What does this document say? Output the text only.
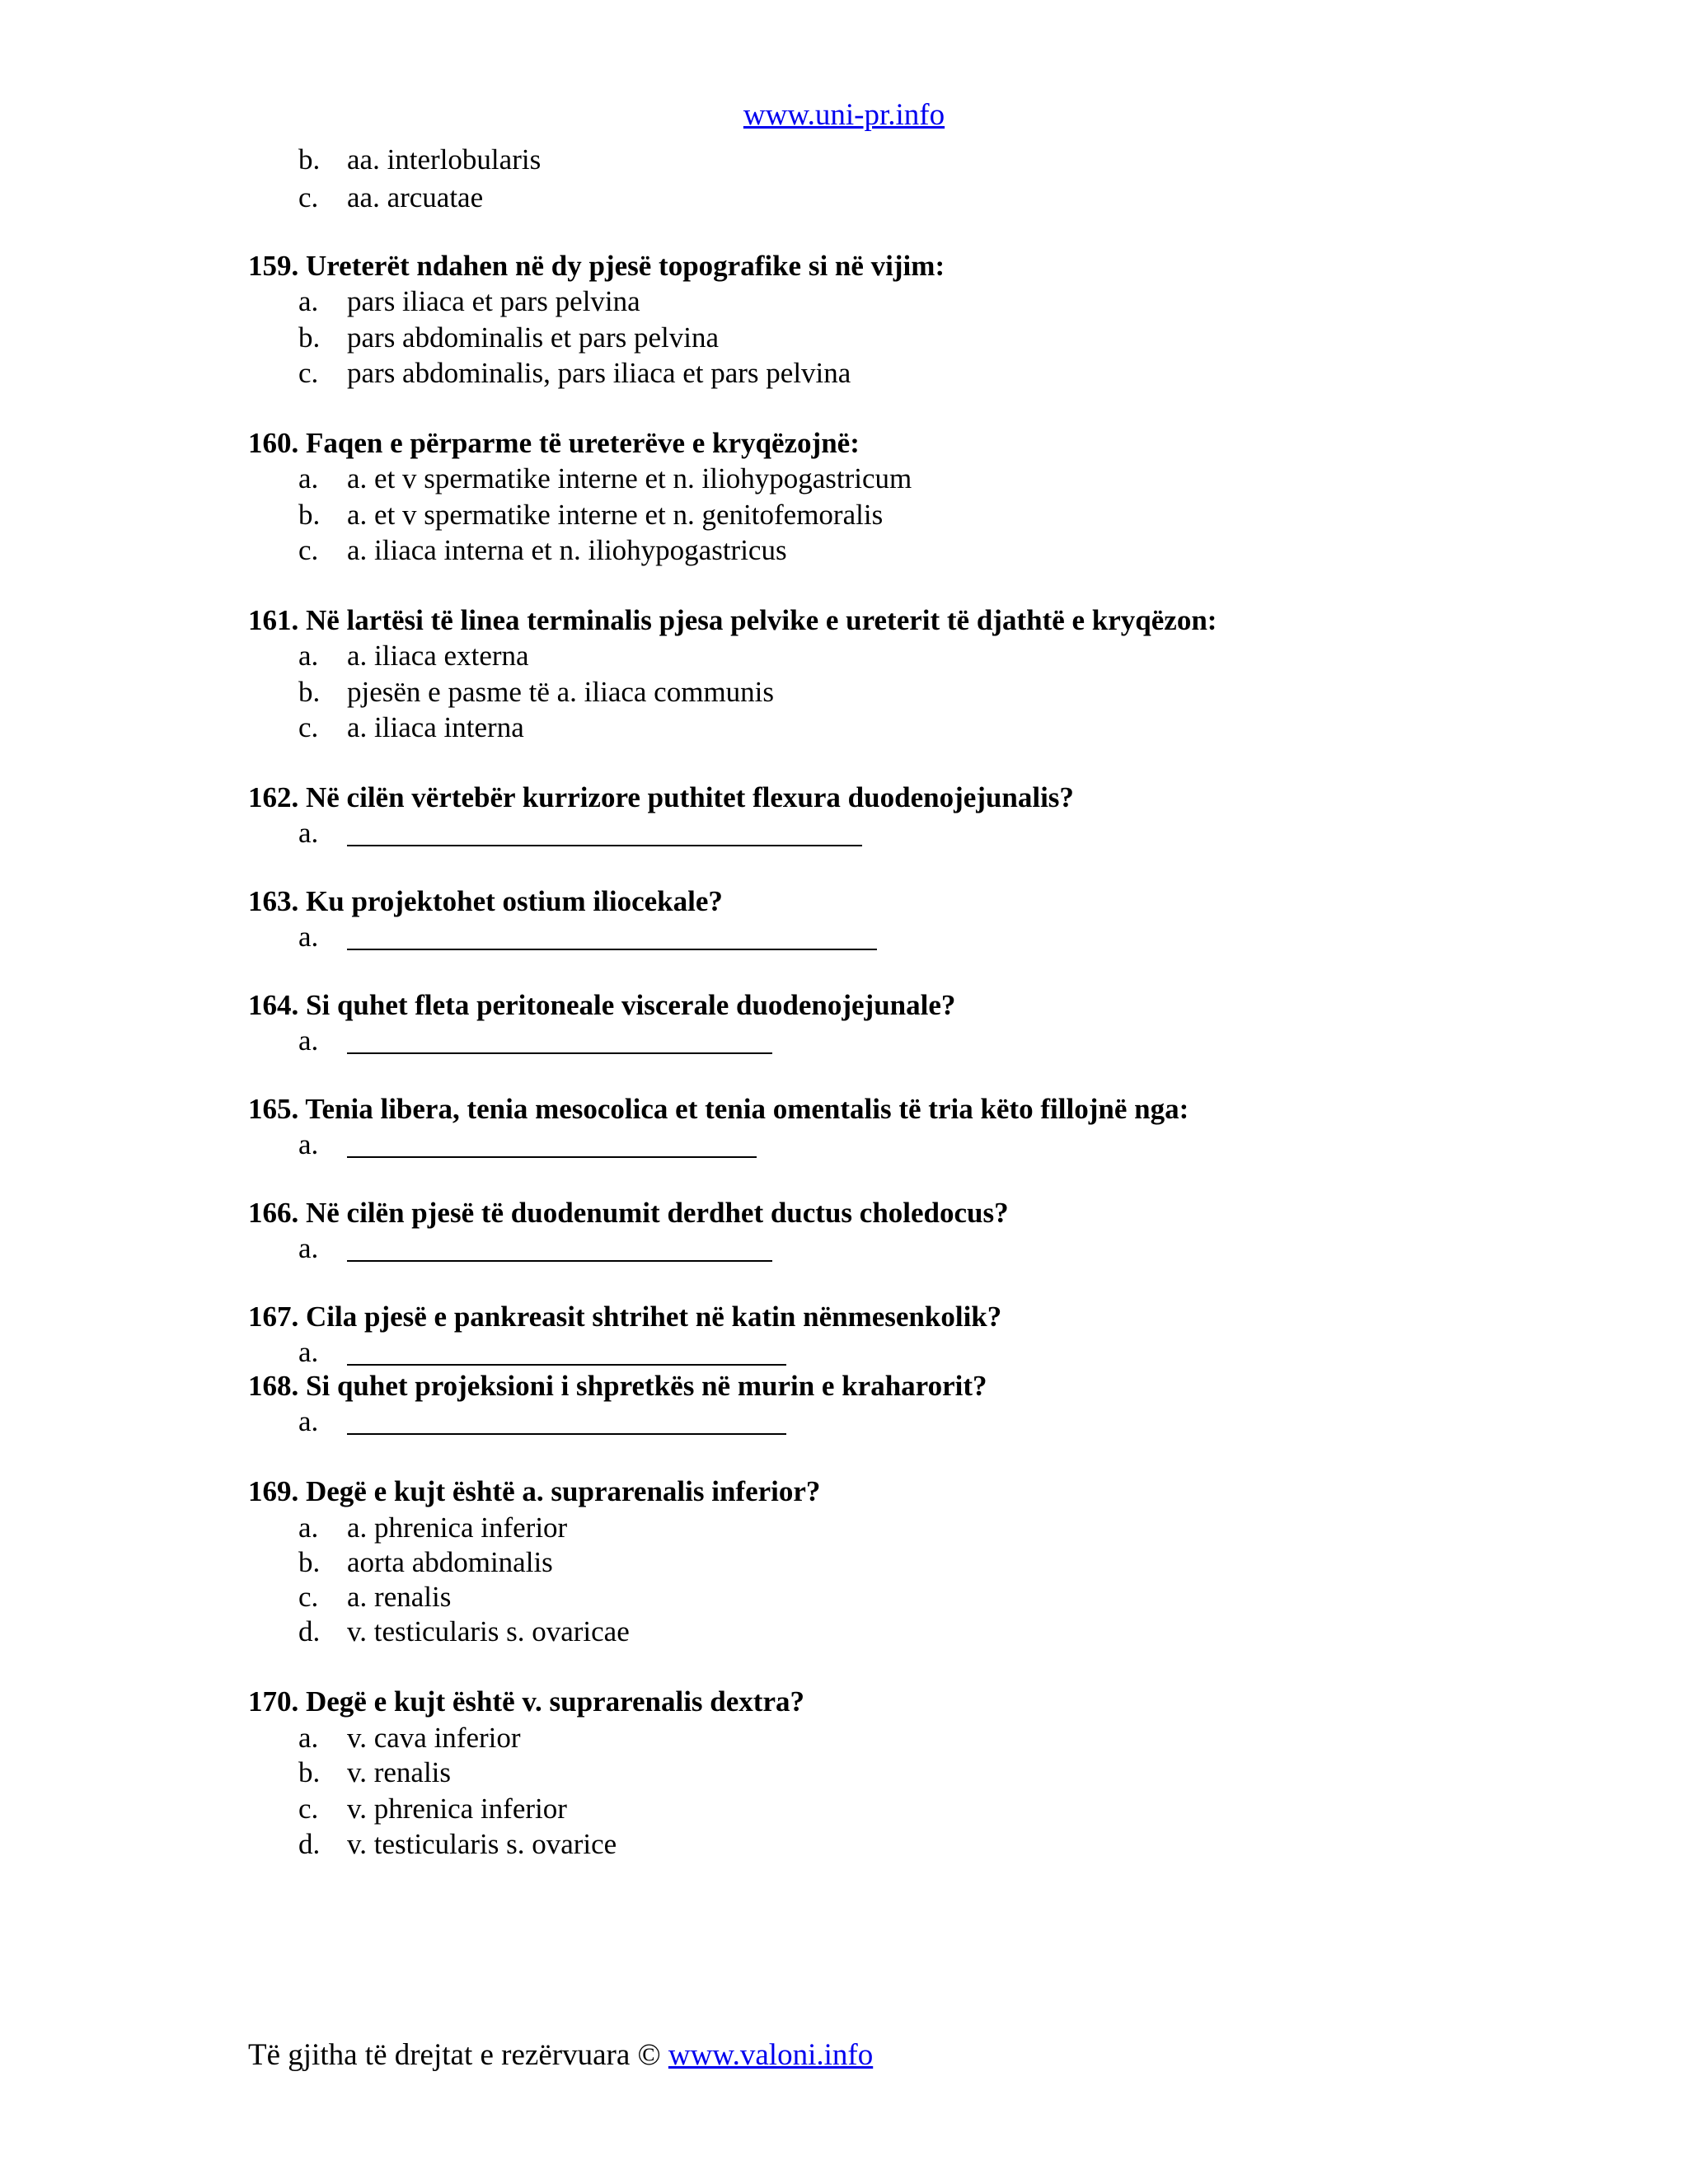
www.uni-pr.info
b. aa. interlobularis
c. aa. arcuatae
159. Ureterët ndahen në dy pjesë topografike si në vijim:
a. pars iliaca et pars pelvina
b. pars abdominalis et pars pelvina
c. pars abdominalis, pars iliaca et pars pelvina
160. Faqen e përparme të ureterëve e kryqëzojnë:
a. a. et v spermatike interne et n. iliohypogastricum
b. a. et v spermatike interne et n. genitofemoralis
c. a. iliaca interna et n. iliohypogastricus
161. Në lartësi të linea terminalis pjesa pelvike e ureterit të djathtë e kryqëzon:
a. a. iliaca externa
b. pjesën e pasme të a. iliaca communis
c. a. iliaca interna
162. Në cilën vërtebër kurrizore puthitet flexura duodenojejunalis?
a.
163. Ku projektohet ostium iliocekale?
a.
164. Si quhet fleta peritoneale viscerale duodenojejunale?
a.
165. Tenia libera, tenia mesocolica et tenia omentalis të tria këto fillojnë nga:
a.
166. Në cilën pjesë të duodenumit derdhet ductus choledocus?
a.
167. Cila pjesë e pankreasit shtrihet në katin nënmesenkolik?
a.
168. Si quhet projeksioni i shpretkës në murin e kraharorit?
a.
169. Degë e kujt është a. suprarenalis inferior?
a. a. phrenica inferior
b. aorta abdominalis
c. a. renalis
d. v. testicularis s. ovaricae
170. Degë e kujt është v. suprarenalis dextra?
a. v. cava inferior
b. v. renalis
c. v. phrenica inferior
d. v. testicularis s. ovarice
Të gjitha të drejtat e rezërvuara © www.valoni.info
